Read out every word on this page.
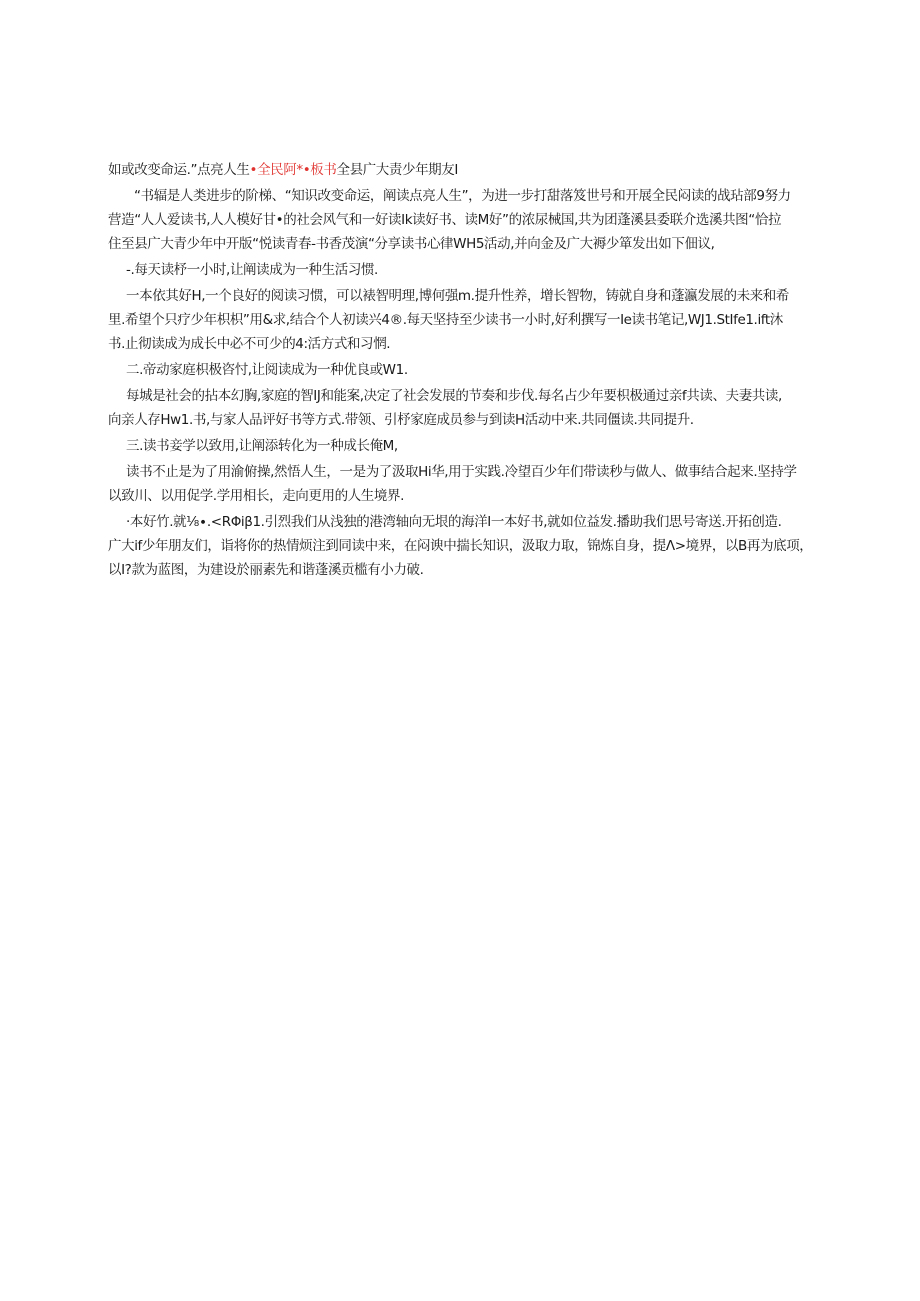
如或改变命运.”点亮人生•全民阿*•板书全县广大责少年期友I
“书辐是人类进步的阶梯、“知识改变命运，阐读点亮人生”，为进一步打甜落笈世号和开展全民闷读的战玷部9努力
营造“人人爱读书,人人模好甘•的社会风气和一好读Ik读好书、读M好”的浓尿械国,共为团蓬溪县委联介选溪共图“恰拉
住至县广大青少年中开版“悦读青春-书香茂演“分享读书心律WH5活动,并向金及广大褥少箪发出如下佃议,
-.每天读杼一小时,让阐读成为一种生活习惯.
一本依其好H,一个良好的阅读习惯，可以裱智明理,博何强m.提升性养，增长智物，铸就自身和蓬瀛发展的未来和希
里.希望个只疗少年枳枳”用&求,结合个人初读兴4®.每天坚持至少读书一小时,好利撰写一Ie读书笔记,WJ1.StIfe1.ift沐
书.止彻读成为成长中必不可少的4:活方式和习惘.
二.帝动家庭枳极咨忖,让阅读成为一种优良或W1.
每城是社会的拈本幻胸,家庭的智IJ和能案,决定了社会发展的节奏和步伐.每名占少年要枳极通过亲f共读、夫妻共读,
向亲人存Hw1.书,与家人品评好书等方式.带领、引杼家庭成员参与到读H活动中来.共同僵读.共同提升.
三.读书妾学以致用,让阐添转化为一种成长俺M,
读书不止是为了用渝俯操,然悟人生，一是为了汲取Hi华,用于实践.冷望百少年们带读秒与做人、做事结合起来.坚持学
以致川、以用促学.学用相长，走向更用的人生境界.
·本好竹.就⅛∙.<RΦiβ1.引烈我们从浅独的港湾轴向无垠的海洋I一本好书,就如位益发.播助我们思号寄送.开拓创造.
广大if少年朋友们，诣将你的热情烦注到同读中来，在闷谀中揣长知识，汲取力取，锦炼自身，提Λ>境界，以B再为底项，
以I?款为蓝图，为建设於丽素先和谐蓬溪贡槛有小力破.
